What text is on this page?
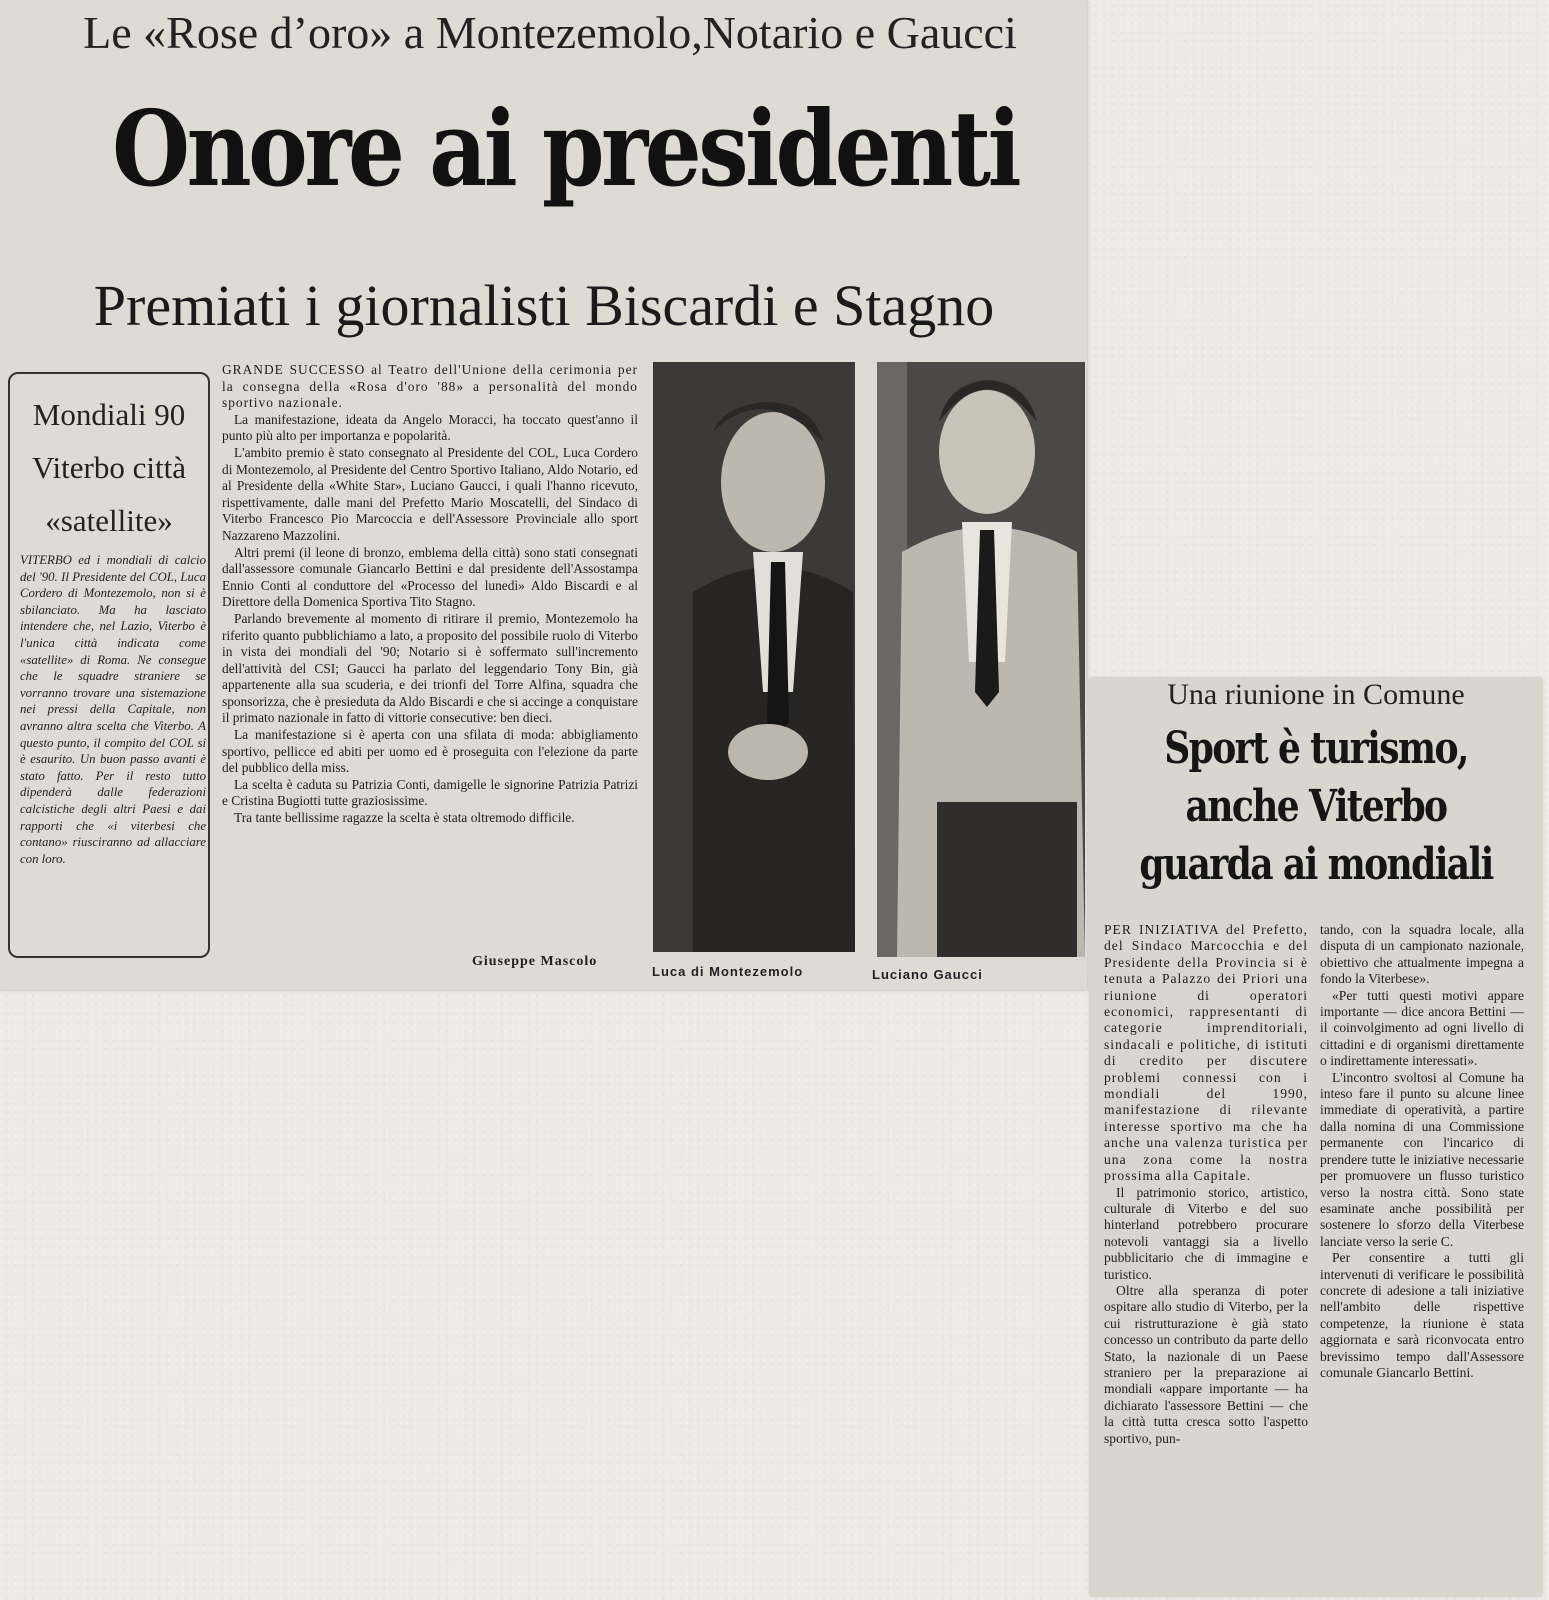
Le «Rose d’oro» a Montezemolo,Notario e Gaucci
Onore ai presidenti
Premiati i giornalisti Biscardi e Stagno
Mondiali 90
Viterbo città
«satellite»
VITERBO ed i mondiali di calcio del '90. Il Presidente del COL, Luca Cordero di Montezemolo, non si è sbilanciato. Ma ha lasciato intendere che, nel Lazio, Viterbo è l'unica città indicata come «satellite» di Roma. Ne consegue che le squadre straniere se vorranno trovare una sistemazione nei pressi della Capitale, non avranno altra scelta che Viterbo. A questo punto, il compito del COL si è esaurito. Un buon passo avanti è stato fatto. Per il resto tutto dipenderà dalle federazioni calcistiche degli altri Paesi e dai rapporti che «i viterbesi che contano» riusciranno ad allacciare con loro.

GRANDE SUCCESSO al Teatro dell'Unione della cerimonia per la consegna della «Rosa d'oro '88» a personalità del mondo sportivo nazionale.

La manifestazione, ideata da Angelo Moracci, ha toccato quest'anno il punto più alto per importanza e popolarità.

L'ambito premio è stato consegnato al Presidente del COL, Luca Cordero di Montezemolo, al Presidente del Centro Sportivo Italiano, Aldo Notario, ed al Presidente della «White Star», Luciano Gaucci, i quali l'hanno ricevuto, rispettivamente, dalle mani del Prefetto Mario Moscatelli, del Sindaco di Viterbo Francesco Pio Marcoccia e dell'Assessore Provinciale allo sport Nazzareno Mazzolini.

Altri premi (il leone di bronzo, emblema della città) sono stati consegnati dall'assessore comunale Giancarlo Bettini e dal presidente dell'Assostampa Ennio Conti al conduttore del «Processo del lunedì» Aldo Biscardi e al Direttore della Domenica Sportiva Tito Stagno.

Parlando brevemente al momento di ritirare il premio, Montezemolo ha riferito quanto pubblichiamo a lato, a proposito del possibile ruolo di Viterbo in vista dei mondiali del '90; Notario si è soffermato sull'incremento dell'attività del CSI; Gaucci ha parlato del leggendario Tony Bin, già appartenente alla sua scuderia, e dei trionfi del Torre Alfina, squadra che sponsorizza, che è presieduta da Aldo Biscardi e che si accinge a conquistare il primato nazionale in fatto di vittorie consecutive: ben dieci.

La manifestazione si è aperta con una sfilata di moda: abbigliamento sportivo, pellicce ed abiti per uomo ed è proseguita con l'elezione da parte del pubblico della miss.

La scelta è caduta su Patrizia Conti, damigelle le signorine Patrizia Patrizi e Cristina Bugiotti tutte graziosissime.

Tra tante bellissime ragazze la scelta è stata oltremodo difficile.

Giuseppe Mascolo
Luca di Montezemolo	Luciano Gaucci
Una riunione in Comune
Sport è turismo,
anche Viterbo
guarda ai mondiali

PER INIZIATIVA del Prefetto, del Sindaco Marcocchia e del Presidente della Provincia si è tenuta a Palazzo dei Priori una riunione di operatori economici, rappresentanti di categorie imprenditoriali, sindacali e politiche, di istituti di credito per discutere problemi connessi con i mondiali del 1990, manifestazione di rilevante interesse sportivo ma che ha anche una valenza turistica per una zona come la nostra prossima alla Capitale.

Il patrimonio storico, artistico, culturale di Viterbo e del suo hinterland potrebbero procurare notevoli vantaggi sia a livello pubblicitario che di immagine e turistico.

Oltre alla speranza di poter ospitare allo studio di Viterbo, per la cui ristrutturazione è già stato concesso un contributo da parte dello Stato, la nazionale di un Paese straniero per la preparazione ai mondiali «appare importante — ha dichiarato l'assessore Bettini — che la città tutta cresca sotto l'aspetto sportivo, pun-

tando, con la squadra locale, alla disputa di un campionato nazionale, obiettivo che attualmente impegna a fondo la Viterbese».

«Per tutti questi motivi appare importante — dice ancora Bettini — il coinvolgimento ad ogni livello di cittadini e di organismi direttamente o indirettamente interessati».

L'incontro svoltosi al Comune ha inteso fare il punto su alcune linee immediate di operatività, a partire dalla nomina di una Commissione permanente con l'incarico di prendere tutte le iniziative necessarie per promuovere un flusso turistico verso la nostra città. Sono state esaminate anche possibilità per sostenere lo sforzo della Viterbese lanciate verso la serie C.

Per consentire a tutti gli intervenuti di verificare le possibilità concrete di adesione a tali iniziative nell'ambito delle rispettive competenze, la riunione è stata aggiornata e sarà riconvocata entro brevissimo tempo dall'Assessore comunale Giancarlo Bettini.
